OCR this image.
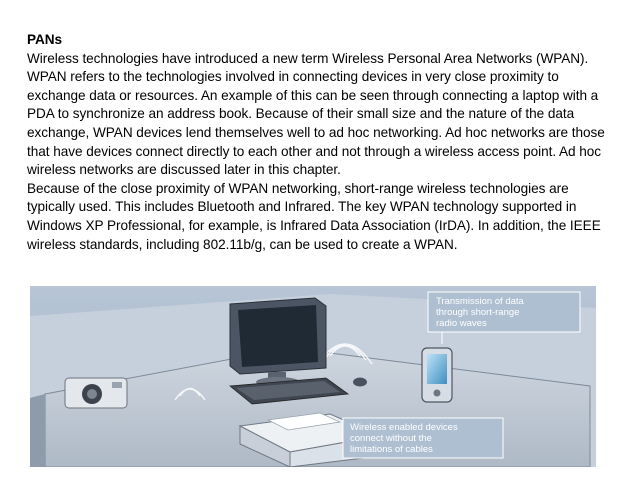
PANs

Wireless technologies have introduced a new term Wireless Personal Area Networks (WPAN). WPAN refers to the technologies involved in connecting devices in very close proximity to exchange data or resources. An example of this can be seen through connecting a laptop with a PDA to synchronize an address book. Because of their small size and the nature of the data exchange, WPAN devices lend themselves well to ad hoc networking. Ad hoc networks are those that have devices connect directly to each other and not through a wireless access point. Ad hoc wireless networks are discussed later in this chapter.

Because of the close proximity of WPAN networking, short-range wireless technologies are typically used. This includes Bluetooth and Infrared. The key WPAN technology supported in Windows XP Professional, for example, is Infrared Data Association (IrDA). In addition, the IEEE wireless standards, including 802.11b/g, can be used to create a WPAN.

Transmission of data
through short-range
radio waves
Wireless enabled devices
connect without the
limitations of cables
